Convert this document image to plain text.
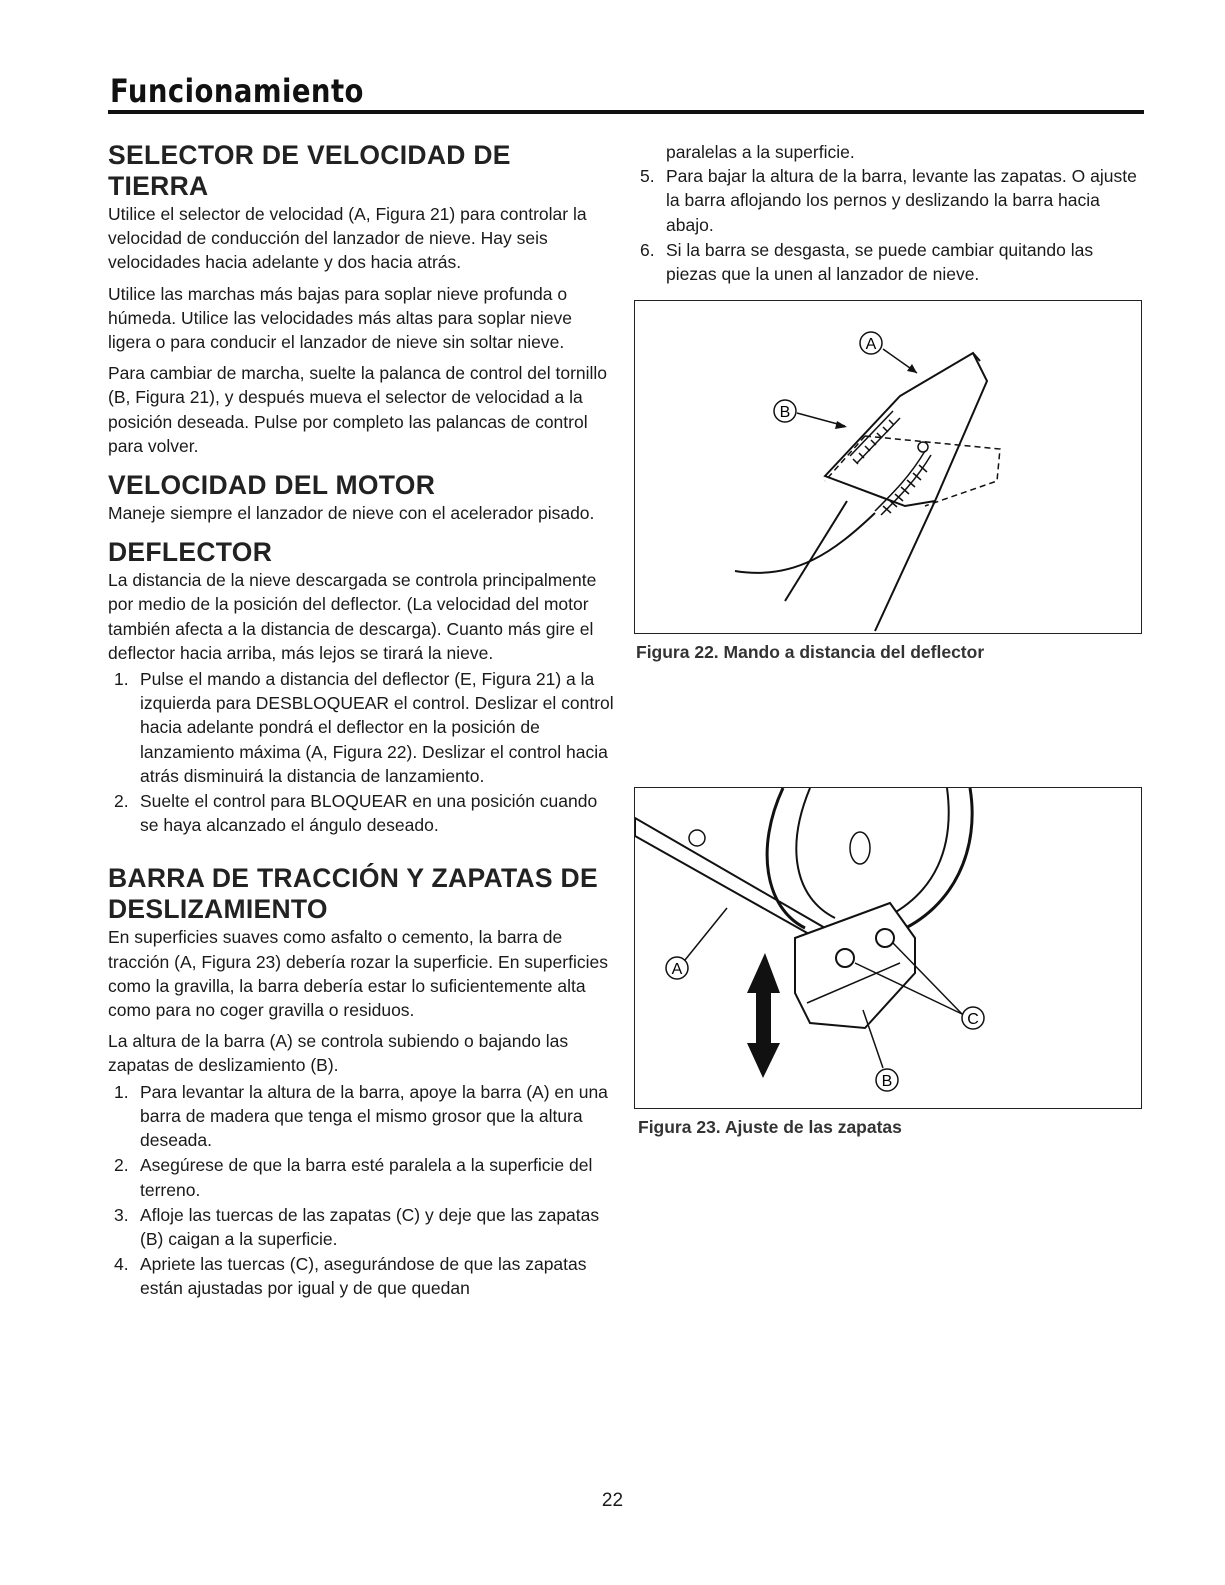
Funcionamiento
SELECTOR DE VELOCIDAD DE TIERRA

Utilice el selector de velocidad (A, Figura 21) para controlar la velocidad de conducción del lanzador de nieve. Hay seis velocidades hacia adelante y dos hacia atrás.

Utilice las marchas más bajas para soplar nieve profunda o húmeda. Utilice las velocidades más altas para soplar nieve ligera o para conducir el lanzador de nieve sin soltar nieve.

Para cambiar de marcha, suelte la palanca de control del tornillo (B, Figura 21), y después mueva el selector de velocidad a la posición deseada. Pulse por completo las palancas de control para volver.

VELOCIDAD DEL MOTOR

Maneje siempre el lanzador de nieve con el acelerador pisado.

DEFLECTOR

La distancia de la nieve descargada se controla principalmente por medio de la posición del deflector. (La velocidad del motor también afecta a la distancia de descarga). Cuanto más gire el deflector hacia arriba, más lejos se tirará la nieve.

1. Pulse el mando a distancia del deflector (E, Figura 21) a la izquierda para DESBLOQUEAR el control. Deslizar el control hacia adelante pondrá el deflector en la posición de lanzamiento máxima (A, Figura 22). Deslizar el control hacia atrás disminuirá la distancia de lanzamiento.
2. Suelte el control para BLOQUEAR en una posición cuando se haya alcanzado el ángulo deseado.
BARRA DE TRACCIÓN Y ZAPATAS DE DESLIZAMIENTO

En superficies suaves como asfalto o cemento, la barra de tracción (A, Figura 23) debería rozar la superficie. En superficies como la gravilla, la barra debería estar lo suficientemente alta como para no coger gravilla o residuos.

La altura de la barra (A) se controla subiendo o bajando las zapatas de deslizamiento (B).

1. Para levantar la altura de la barra, apoye la barra (A) en una barra de madera que tenga el mismo grosor que la altura deseada.
2. Asegúrese de que la barra esté paralela a la superficie del terreno.
3. Afloje las tuercas de las zapatas (C) y deje que las zapatas (B) caigan a la superficie.
4. Apriete las tuercas (C), asegurándose de que las zapatas están ajustadas por igual y de que quedan

paralelas a la superficie.

5. Para bajar la altura de la barra, levante las zapatas. O ajuste la barra aflojando los pernos y deslizando la barra hacia abajo.
6. Si la barra se desgasta, se puede cambiar quitando las piezas que la unen al lanzador de nieve.
A
B
Figura 22. Mando a distancia del deflector
A
C
B
Figura 23. Ajuste de las zapatas
22
